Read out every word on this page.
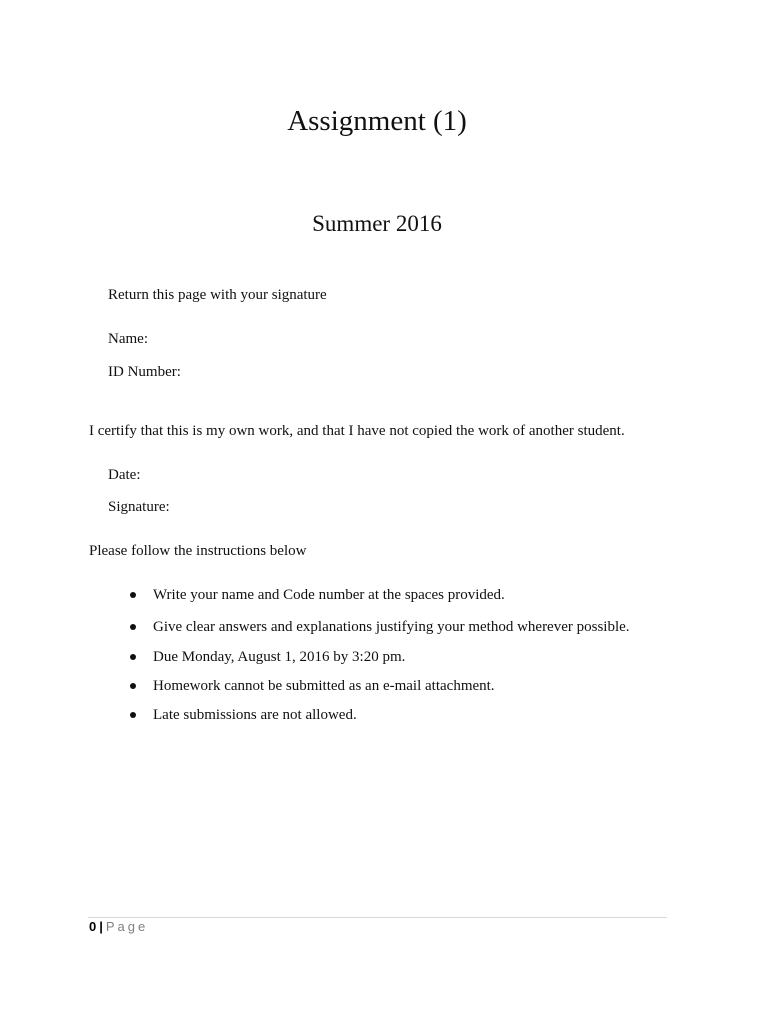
Assignment (1)
Summer 2016
Return this page with your signature
Name:
ID Number:
I certify that this is my own work, and that I have not copied the work of another student.
Date:
Signature:
Please follow the instructions below
Write your name and Code number at the spaces provided.
Give clear answers and explanations justifying your method wherever possible.
Due Monday, August 1, 2016 by 3:20 pm.
Homework cannot be submitted as an e-mail attachment.
Late submissions are not allowed.
0 | Page
